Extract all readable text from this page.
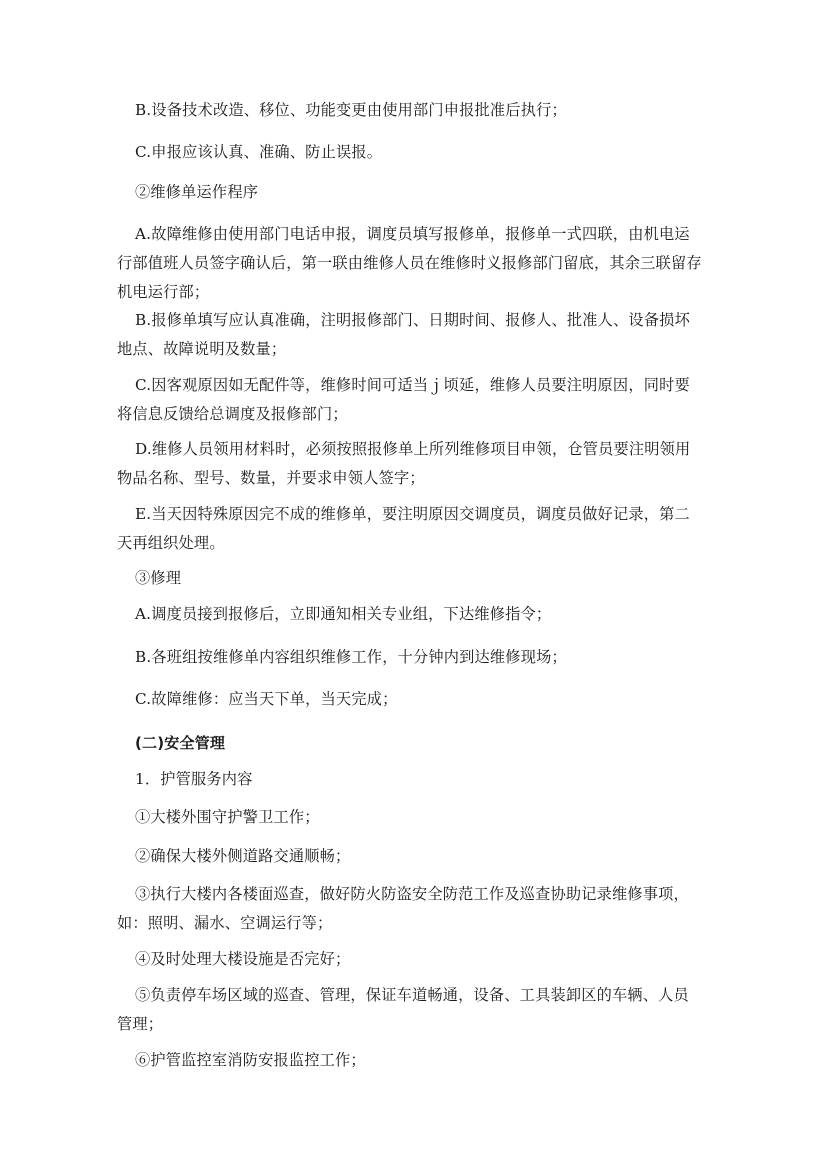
B.设备技术改造、移位、功能变更由使用部门申报批准后执行；
C.申报应该认真、准确、防止误报。
②维修单运作程序
A.故障维修由使用部门电话申报，调度员填写报修单，报修单一式四联，由机电运
行部值班人员签字确认后，第一联由维修人员在维修时义报修部门留底，其余三联留存
机电运行部；
B.报修单填写应认真准确，注明报修部门、日期时间、报修人、批准人、设备损坏
地点、故障说明及数量；
C.因客观原因如无配件等，维修时间可适当ｊ顷延，维修人员要注明原因，同时要
将信息反馈给总调度及报修部门；
D.维修人员领用材料时，必须按照报修单上所列维修项目申领，仓管员要注明领用
物品名称、型号、数量，并要求申领人签字；
E.当天因特殊原因完不成的维修单，要注明原因交调度员，调度员做好记录，第二
天再组织处理。
③修理
A.调度员接到报修后，立即通知相关专业组，下达维修指令；
B.各班组按维修单内容组织维修工作，十分钟内到达维修现场；
C.故障维修：应当天下单，当天完成；
(二)安全管理
1．护管服务内容
①大楼外围守护警卫工作；
②确保大楼外侧道路交通顺畅；
③执行大楼内各楼面巡查，做好防火防盗安全防范工作及巡查协助记录维修事项，
如：照明、漏水、空调运行等；
④及时处理大楼设施是否完好；
⑤负责停车场区域的巡查、管理，保证车道畅通，设备、工具装卸区的车辆、人员
管理；
⑥护管监控室消防安报监控工作；
